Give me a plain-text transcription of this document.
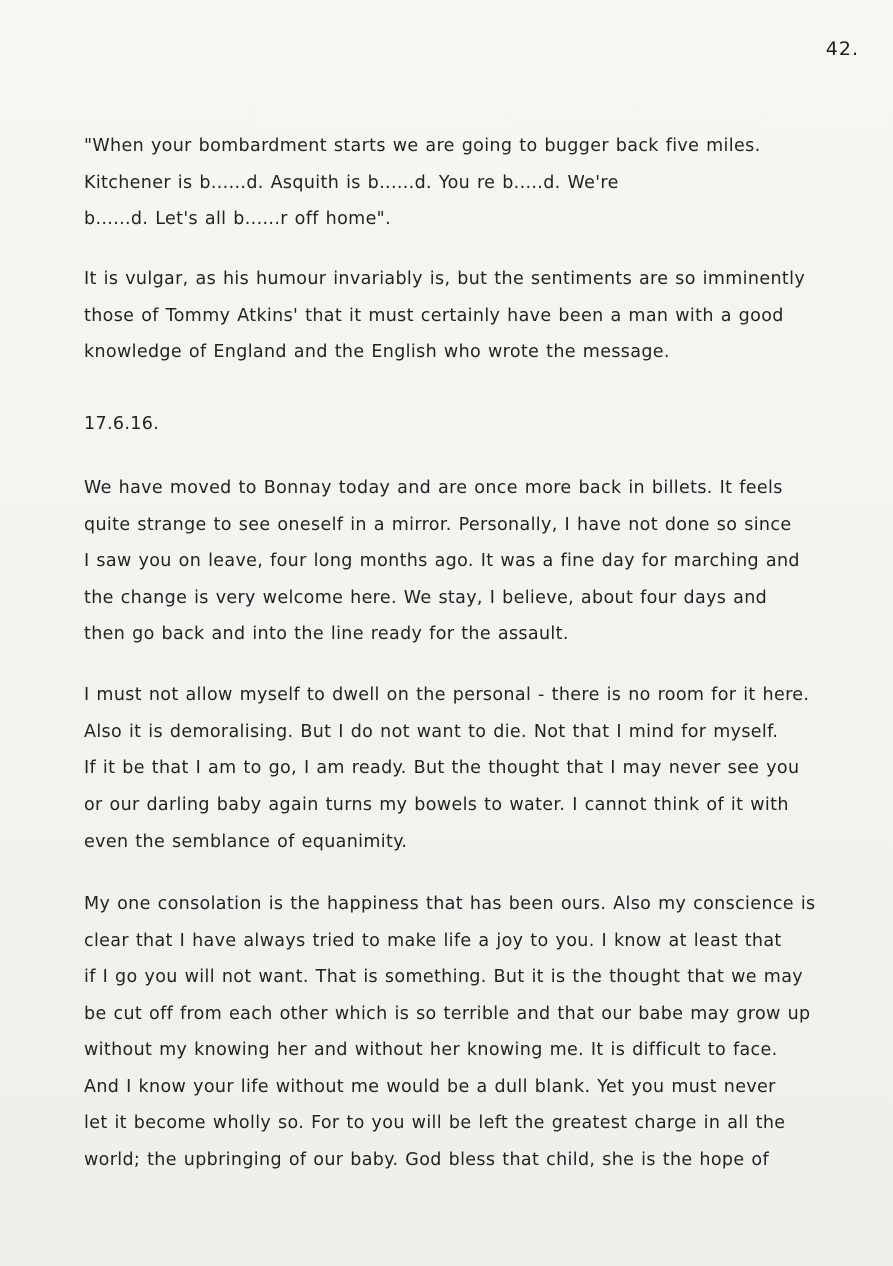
42.
"When your bombardment starts we are going to bugger back five miles.
Kitchener is b......d. Asquith is b......d. You re b.....d. We're
b......d. Let's all b......r off home".
It is vulgar, as his humour invariably is, but the sentiments are so imminently
those of Tommy Atkins' that it must certainly have been a man with a good
knowledge of England and the English who wrote the message.
17.6.16.
We have moved to Bonnay today and are once more back in billets. It feels
quite strange to see oneself in a mirror. Personally, I have not done so since
I saw you on leave, four long months ago. It was a fine day for marching and
the change is very welcome here. We stay, I believe, about four days and
then go back and into the line ready for the assault.
I must not allow myself to dwell on the personal - there is no room for it here.
Also it is demoralising. But I do not want to die. Not that I mind for myself.
If it be that I am to go, I am ready. But the thought that I may never see you
or our darling baby again turns my bowels to water. I cannot think of it with
even the semblance of equanimity.
My one consolation is the happiness that has been ours. Also my conscience is
clear that I have always tried to make life a joy to you. I know at least that
if I go you will not want. That is something. But it is the thought that we may
be cut off from each other which is so terrible and that our babe may grow up
without my knowing her and without her knowing me. It is difficult to face.
And I know your life without me would be a dull blank. Yet you must never
let it become wholly so. For to you will be left the greatest charge in all the
world; the upbringing of our baby. God bless that child, she is the hope of
